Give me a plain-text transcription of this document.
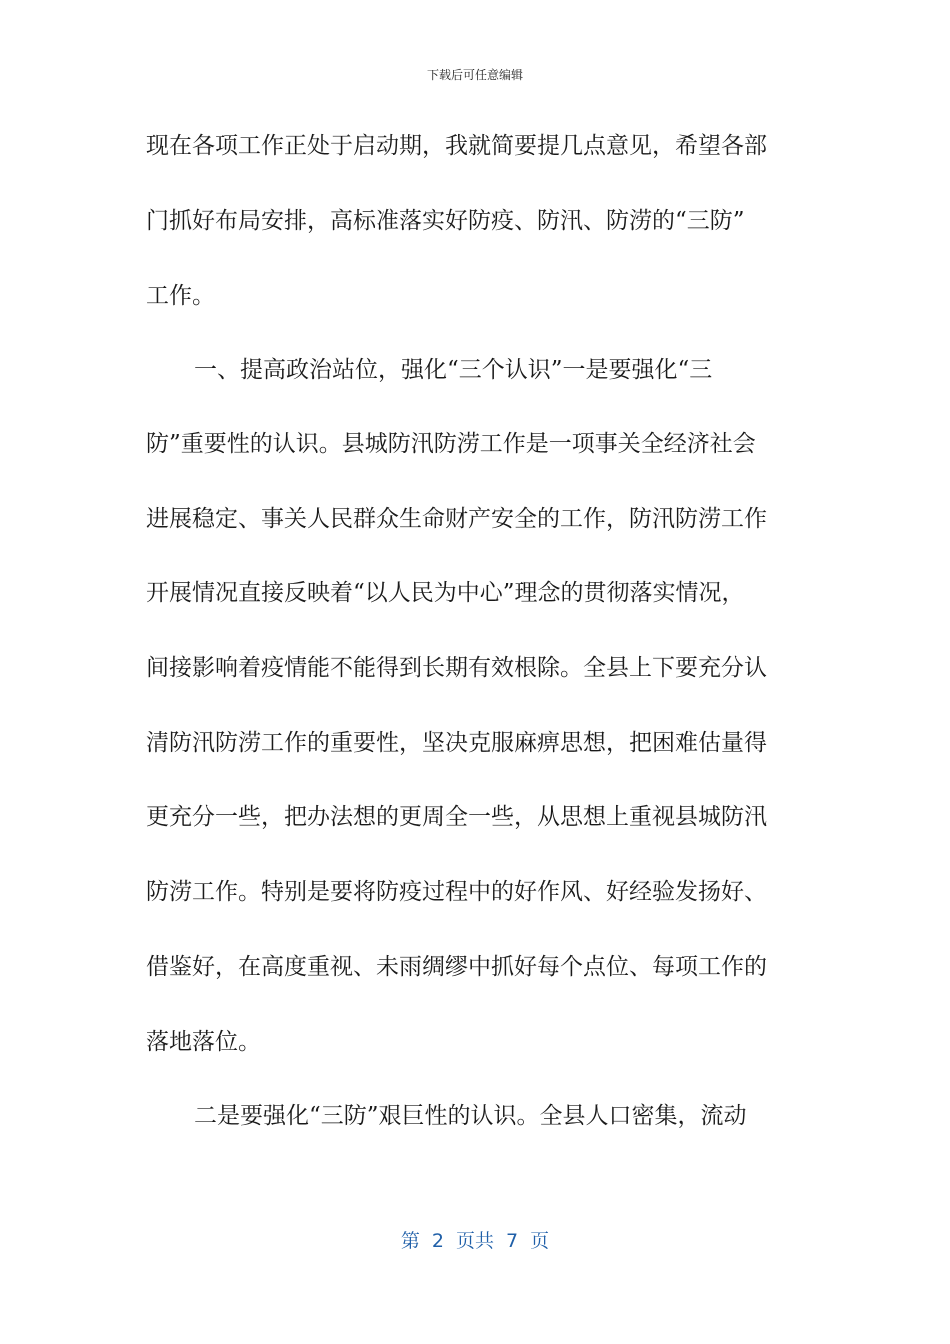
下载后可任意编辑
现在各项工作正处于启动期，我就简要提几点意见，希望各部
门抓好布局安排，高标准落实好防疫、防汛、防涝的“三防”
工作。
一、提高政治站位，强化“三个认识”一是要强化“三
防”重要性的认识。县城防汛防涝工作是一项事关全经济社会
进展稳定、事关人民群众生命财产安全的工作，防汛防涝工作
开展情况直接反映着“以人民为中心”理念的贯彻落实情况，
间接影响着疫情能不能得到长期有效根除。全县上下要充分认
清防汛防涝工作的重要性，坚决克服麻痹思想，把困难估量得
更充分一些，把办法想的更周全一些，从思想上重视县城防汛
防涝工作。特别是要将防疫过程中的好作风、好经验发扬好、
借鉴好，在高度重视、未雨绸缪中抓好每个点位、每项工作的
落地落位。
二是要强化“三防”艰巨性的认识。全县人口密集，流动
第 2 页共 7 页
